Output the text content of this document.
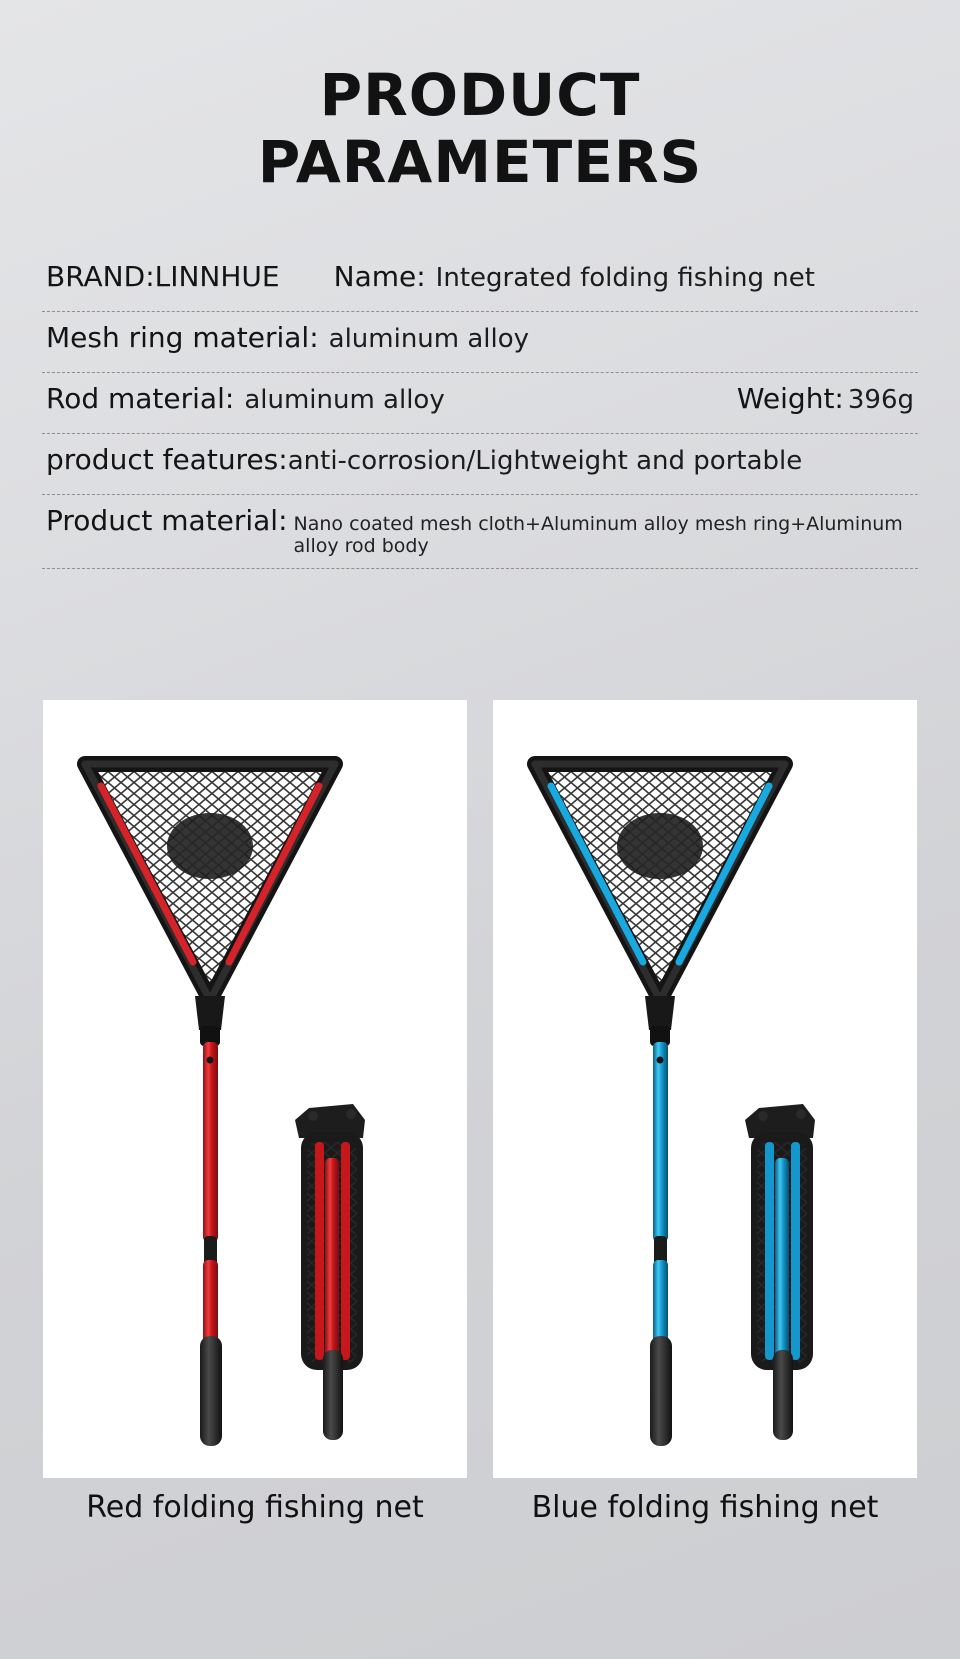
PRODUCT
PARAMETERS
BRAND:LINNHUE Name: Integrated folding fishing net
Mesh ring material: aluminum alloy
Rod material: aluminum alloy	Weight: 396g
product features: anti-corrosion/Lightweight and portable
Product material: Nano coated mesh cloth+Aluminum alloy mesh ring+Aluminum alloy rod body
Red folding fishing net	Blue folding fishing net
